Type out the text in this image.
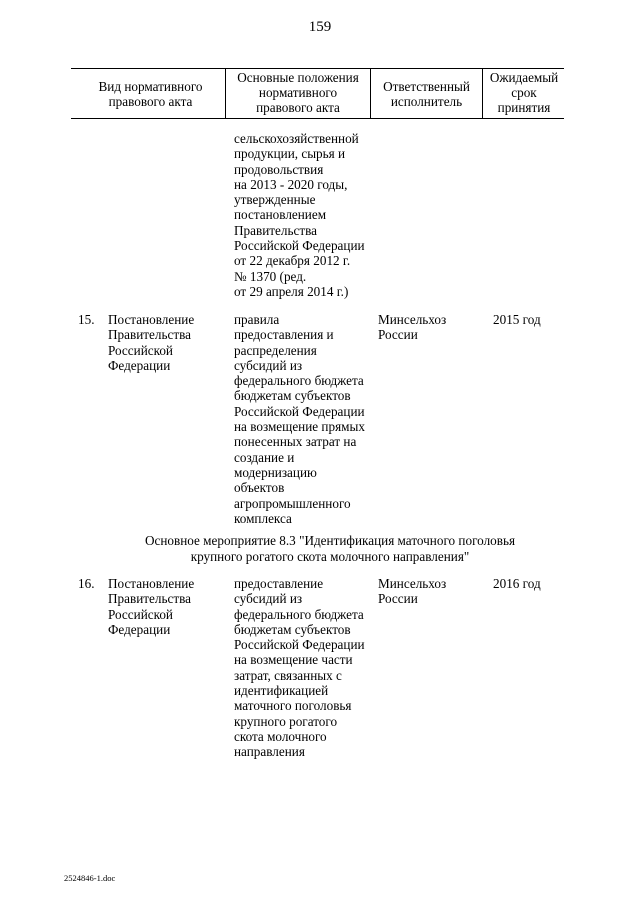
159
Вид нормативного
правового акта
Основные положения
нормативного
правового акта
Ответственный
исполнитель
Ожидаемый
срок
принятия
сельскохозяйственной
продукции, сырья и
продовольствия
на 2013 - 2020 годы,
утвержденные
постановлением
Правительства
Российской Федерации
от 22 декабря 2012 г.
№ 1370 (ред.
от 29 апреля 2014 г.)
15. Постановление
Правительства
Российской
Федерации
правила
предоставления и
распределения
субсидий из
федерального бюджета
бюджетам субъектов
Российской Федерации
на возмещение прямых
понесенных затрат на
создание и
модернизацию
объектов
агропромышленного
комплекса
Минсельхоз
России
2015 год
Основное мероприятие 8.3 "Идентификация маточного поголовья
крупного рогатого скота молочного направления"
16. Постановление
Правительства
Российской
Федерации
предоставление
субсидий из
федерального бюджета
бюджетам субъектов
Российской Федерации
на возмещение части
затрат, связанных с
идентификацией
маточного поголовья
крупного рогатого
скота молочного
направления
Минсельхоз
России
2016 год
2524846-1.doc
